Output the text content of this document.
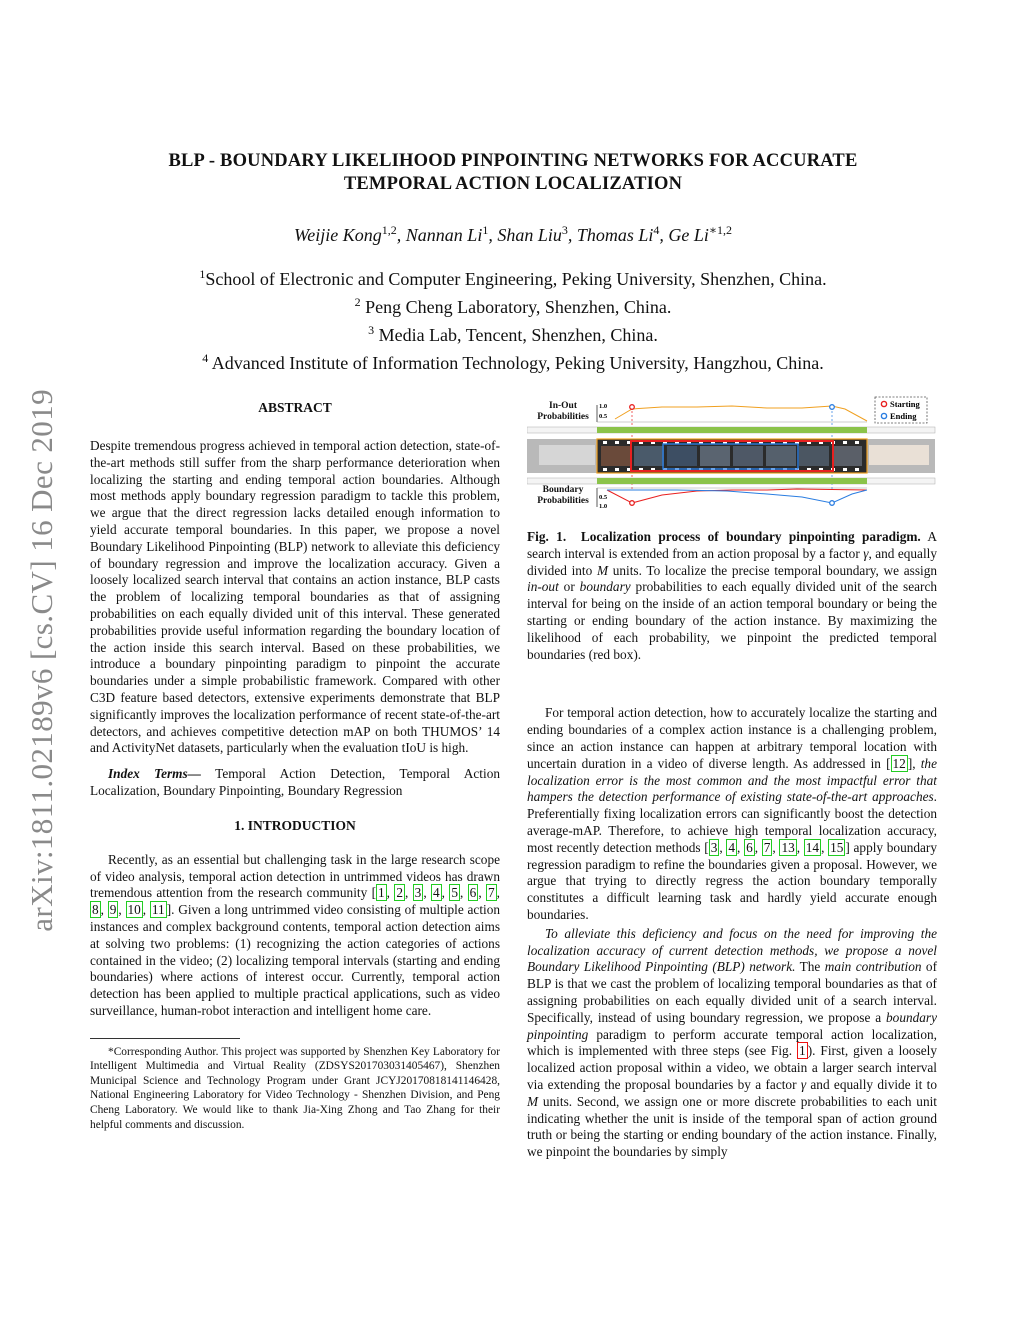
arXiv:1811.02189v6 [cs.CV] 16 Dec 2019
BLP - BOUNDARY LIKELIHOOD PINPOINTING NETWORKS FOR ACCURATE
TEMPORAL ACTION LOCALIZATION
Weijie Kong$^{1,2}$, Nannan Li$^1$, Shan Liu$^3$, Thomas Li$^4$, Ge $Li^{∗1,2}$
$^1$School of Electronic and Computer Engineering, Peking University, Shenzhen, China.
$^2$ Peng Cheng Laboratory, Shenzhen, China.
$^3$ Media Lab, Tencent, Shenzhen, China.
$^4$ Advanced Institute of Information Technology, Peking University, Hangzhou, China.
ABSTRACT

Despite tremendous progress achieved in temporal action detection, state-of-the-art methods still suffer from the sharp performance deterioration when localizing the starting and ending temporal action boundaries. Although most methods apply boundary regression paradigm to tackle this problem, we argue that the direct regression lacks detailed enough information to yield accurate temporal boundaries. In this paper, we propose a novel Boundary Likelihood Pinpointing (BLP) network to alleviate this deficiency of boundary regression and improve the localization accuracy. Given a loosely localized search interval that contains an action instance, BLP casts the problem of localizing temporal boundaries as that of assigning probabilities on each equally divided unit of this interval. These generated probabilities provide useful information regarding the boundary location of the action inside this search interval. Based on these probabilities, we introduce a boundary pinpointing paradigm to pinpoint the accurate boundaries under a simple probabilistic framework. Compared with other C3D feature based detectors, extensive experiments demonstrate that BLP significantly improves the localization performance of recent state-of-the-art detectors, and achieves competitive detection mAP on both THUMOS’ 14 and ActivityNet datasets, particularly when the evaluation tIoU is high.

Index Terms— Temporal Action Detection, Temporal Action Localization, Boundary Pinpointing, Boundary Regression

1. INTRODUCTION

Recently, as an essential but challenging task in the large research scope of video analysis, temporal action detection in untrimmed videos has drawn tremendous attention from the research community [ 1 , 2 , 3 , 4 , 5 , 6 , 7 , 8 , 9 , 10 , 11 ]. Given a long untrimmed video consisting of multiple action instances and complex background contents, temporal action detection aims at solving two problems: (1) recognizing the action categories of actions contained in the video; (2) localizing temporal intervals (starting and ending boundaries) where actions of interest occur. Currently, temporal action detection has been applied to multiple practical applications, such as video surveillance, human-robot interaction and intelligent home care.

*Corresponding Author. This project was supported by Shenzhen Key Laboratory for Intelligent Multimedia and Virtual Reality (ZDSYS201703031405467), Shenzhen Municipal Science and Technology Program under Grant JCYJ20170818141146428, National Engineering Laboratory for Video Technology - Shenzhen Division, and Peng Cheng Laboratory. We would like to thank Jia-Xing Zhong and Tao Zhang for their helpful comments and discussion.

Starting
Ending
1.0
0.5
0.5
1.0
In-Out Probabilities
Boundary Probabilities

Fig. 1.  Localization process of boundary pinpointing paradigm. A search interval is extended from an action proposal by a factor γ, and equally divided into M units. To localize the precise temporal boundary, we assign in-out or boundary probabilities to each equally divided unit of the search interval for being on the inside of an action temporal boundary or being the starting or ending boundary of the action instance. By maximizing the likelihood of each probability, we pinpoint the predicted temporal boundaries (red box).

For temporal action detection, how to accurately localize the starting and ending boundaries of a complex action instance is a challenging problem, since an action instance can happen at arbitrary temporal location with uncertain duration in a video of diverse length. As addressed in [ 12 ], the localization error is the most common and the most impactful error that hampers the detection performance of existing state-of-the-art approaches. Preferentially fixing localization errors can significantly boost the detection average-mAP. Therefore, to achieve high temporal localization accuracy, most recently detection methods [ 3 , 4 , 6 , 7 , 13 , 14 , 15 ] apply boundary regression paradigm to refine the boundaries given a proposal. However, we argue that trying to directly regress the action boundary temporally constitutes a difficult learning task and hardly yield accurate enough boundaries.

To alleviate this deficiency and focus on the need for improving the localization accuracy of current detection methods, we propose a novel Boundary Likelihood Pinpointing (BLP) network. The main contribution of BLP is that we cast the problem of localizing temporal boundaries as that of assigning probabilities on each equally divided unit of a search interval. Specifically, instead of using boundary regression, we propose a boundary pinpointing paradigm to perform accurate temporal action localization, which is implemented with three steps (see Fig. 1 ). First, given a loosely localized action proposal within a video, we obtain a larger search interval via extending the proposal boundaries by a factor γ and equally divide it to M units. Second, we assign one or more discrete probabilities to each unit indicating whether the unit is inside of the temporal span of action ground truth or being the starting or ending boundary of the action instance. Finally, we pinpoint the boundaries by simply
